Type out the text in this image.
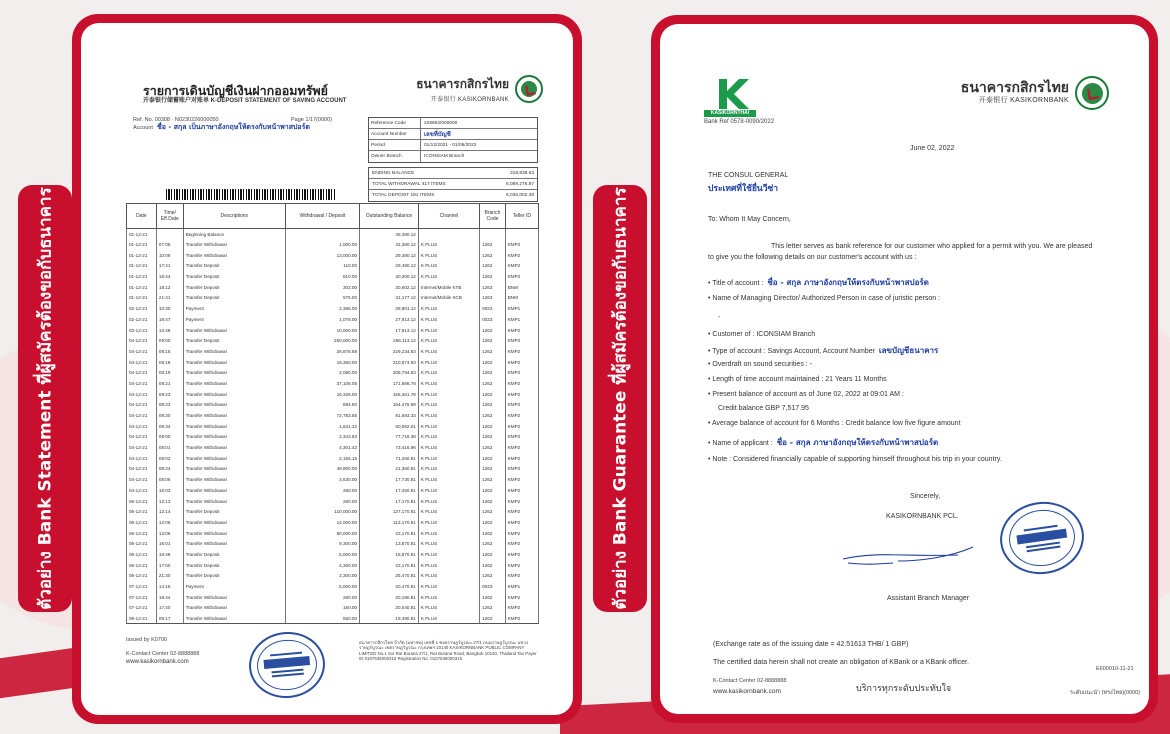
ตัวอย่าง Bank Statement ที่ผู้สมัครต้องขอกับธนาคาร	ตัวอย่าง Bank Guarantee ที่ผู้สมัครต้องขอกับธนาคาร
รายการเดินบัญชีเงินฝากออมทรัพย์
开泰银行储蓄账户对账单 K-DEPOSIT STATEMENT OF SAVING ACCOUNT
ธนาคารกสิกรไทย
开泰银行 KASIKORNBANK
Ref. No. 00308 · N0230226000050	Page 1/17(0000)
Account ชื่อ - สกุล เป็นภาษาอังกฤษให้ตรงกับหน้าพาสปอร์ต	Reference Code	228862/000000
Account Number	เลขที่บัญชี
Period	01/12/2021 - 01/06/2022
Owner Branch	ICONSIAM Branch
ENDING BALANCE	318,838.63
TOTAL WITHDRAWAL 417 ITEMS	6,089,276.87
TOTAL DEPOSIT 191 ITEMS	6,036,002.38
Date	Time/ Eff.Date	Descriptions	Withdrawal / Deposit	Outstanding Balance	Channel	Branch Code	Teller ID
01-12-21		Beginning Balance		49,380.12			
01-12-21	07:05	Transfer Withdrawal	1,000.00	42,380.12	K PLUS	1262	KMP2
01-12-21	10:09	Transfer Withdrawal	13,000.00	29,380.12	K PLUS	1262	KMP2
01-12-21	17:41	Transfer Deposit	110.00	29,490.12	K PLUS	1262	KMP2
01-12-21	15:44	Transfer Deposit	810.00	30,300.12	K PLUS	1262	KMP2
01-12-21	18:12	Transfer Deposit	302.00	30,602.12	Internet/Mobile KTB	1263	BNM
01-12-21	21:41	Transfer Deposit	575.00	31,177.12	Internet/Mobile SCB	1263	BNM
02-12-21	10:30	Payment	2,366.00	28,801.12	K PLUS	0023	KMP1
02-12-21	18:47	Payment	1,078.00	27,913.12	K PLUS	0023	KMP1
03-12-21	10:48	Transfer Withdrawal	10,000.00	17,913.12	K PLUS	1262	KMP2
04-12-21	09:00	Transfer Deposit	250,000.00	266,113.12	K PLUS	1262	KMP2
04-12-21	08:15	Transfer Withdrawal	28,878.69	229,234.83	K PLUS	1262	KMP2
04-12-21	08:18	Transfer Withdrawal	19,360.00	210,874.83	K PLUS	1262	KMP2
04-12-21	08:19	Transfer Withdrawal	2,080.00	208,794.83	K PLUS	1262	KMP2
04-12-21	08:21	Transfer Withdrawal	37,108.05	171,686.78	K PLUS	1262	KMP2
04-12-21	08:23	Transfer Withdrawal	16,325.00	155,361.78	K PLUS	1262	KMP2
04-12-21	08:23	Transfer Withdrawal	884.80	154,476.98	K PLUS	1262	KMP2
04-12-21	08:30	Transfer Withdrawal	72,783.65	81,693.33	K PLUS	1262	KMP2
04-12-21	08:34	Transfer Withdrawal	1,631.32	80,062.01	K PLUS	1262	KMP2
04-12-21	08:00	Transfer Withdrawal	2,343.63	77,718.38	K PLUS	1262	KMP2
04-12-21	08:01	Transfer Withdrawal	4,301.42	73,416.96	K PLUS	1262	KMP2
04-12-21	08:02	Transfer Withdrawal	2,156.15	71,260.81	K PLUS	1262	KMP2
04-12-21	08:24	Transfer Withdrawal	49,900.00	21,360.81	K PLUS	1262	KMP2
04-12-21	08:06	Transfer Withdrawal	3,630.00	17,730.81	K PLUS	1262	KMP2
04-12-21	16:03	Transfer Withdrawal	280.00	17,450.81	K PLUS	1262	KMP2
06-12-21	12:13	Transfer Withdrawal	280.00	17,170.81	K PLUS	1262	KMP2
06-12-21	12:14	Transfer Deposit	110,000.00	127,170.81	K PLUS	1262	KMP2
06-12-21	12:06	Transfer Withdrawal	14,000.00	113,170.81	K PLUS	1262	KMP2
06-12-21	13:08	Transfer Withdrawal	90,000.00	23,170.81	K PLUS	1262	KMP2
06-12-21	16:01	Transfer Withdrawal	9,300.00	13,870.81	K PLUS	1262	KMP2
06-12-21	16:48	Transfer Deposit	5,000.00	18,870.81	K PLUS	1262	KMP2
06-12-21	17:00	Transfer Deposit	4,300.00	23,170.81	K PLUS	1262	KMP2
06-12-21	21:30	Transfer Deposit	2,300.00	25,470.81	K PLUS	1262	KMP2
07-12-21	14:15	Payment	5,000.00	20,470.81	K PLUS	0023	KMP1
07-12-21	18:44	Transfer Withdrawal	280.00	20,190.81	K PLUS	1262	KMP2
07-12-21	17:40	Transfer Withdrawal	150.00	20,040.81	K PLUS	1262	KMP2
08-12-21	09:17	Transfer Withdrawal	550.00	19,490.81	K PLUS	1262	KMP2
Issued by K0700
K-Contact Center 02-8888888
www.kasikornbank.com
ธนาคารกสิกรไทย จำกัด (มหาชน) เลขที่ 1 ซอยราษฎร์บูรณะ 27/1 ถนนราษฎร์บูรณะ แขวงราษฎร์บูรณะ เขตราษฎร์บูรณะ กรุงเทพฯ 10140 KASIKORNBANK PUBLIC COMPANY LIMITED No.1 Soi Rat Burana 27/1, Rat Burana Road, Bangkok 10140, Thailand Tax Payer ID 0107536000315 Registration No. 0107536000315
KASIKORNTHAI
Bank Ref 0578-0090/2022
ธนาคารกสิกรไทย
开泰银行 KASIKORNBANK
June 02, 2022
THE CONSUL GENERAL
ประเทศที่ใช้ยื่นวีซ่า
To: Whom It May Concern,
This letter serves as bank reference for our customer who applied for a permit with you. We are pleased
to give you the following details on our customer's account with us :
• Title of account : ชื่อ - สกุล ภาษาอังกฤษให้ตรงกับหน้าพาสปอร์ต
• Name of Managing Director/ Authorized Person in case of juristic person :
-
• Customer of : ICONSIAM Branch
• Type of account : Savings Account, Account Number เลขบัญชีธนาคาร
• Overdraft on sound securities : -
• Length of time account maintained : 21 Years 11 Months
• Present balance of account as of June 02, 2022 at 09:01 AM :
Credit balance GBP 7,517.95
• Average balance of account for 6 Months : Credit balance low five figure amount
• Name of applicant : ชื่อ - สกุล ภาษาอังกฤษให้ตรงกับหน้าพาสปอร์ต
• Note : Considered financially capable of supporting himself throughout his trip in your country.
Sincerely,
KASIKORNBANK PCL.
Assistant Branch Manager
(Exchange rate as of the issuing date = 42.51613 THB/ 1 GBP)
The certified data herein shall not create an obligation of KBank or a KBank officer.
E600010-11-21
K-Contact Center 02-8888888
www.kasikornbank.com	บริการทุกระดับประทับใจ	ระดับแนะนำ (ทรงไทย)(0000)
